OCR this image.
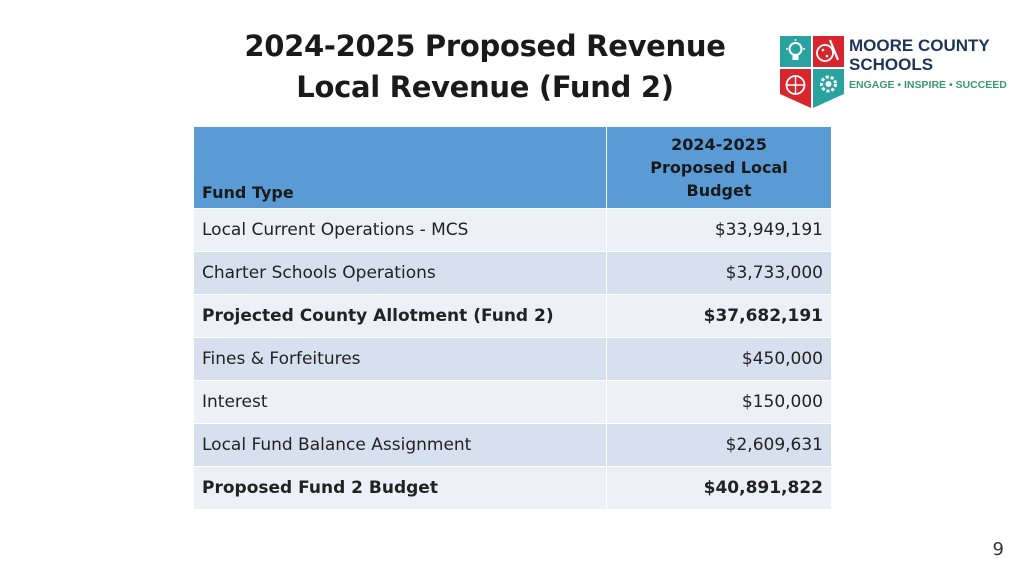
2024-2025 Proposed Revenue
Local Revenue (Fund 2)
MOORE COUNTY
SCHOOLS
ENGAGE • INSPIRE • SUCCEED
Fund Type	2024-2025
Proposed Local
Budget

Local Current Operations - MCS	$33,949,191
Charter Schools Operations	$3,733,000
Projected County Allotment (Fund 2)	$37,682,191
Fines & Forfeitures	$450,000
Interest	$150,000
Local Fund Balance Assignment	$2,609,631
Proposed Fund 2 Budget	$40,891,822
9
